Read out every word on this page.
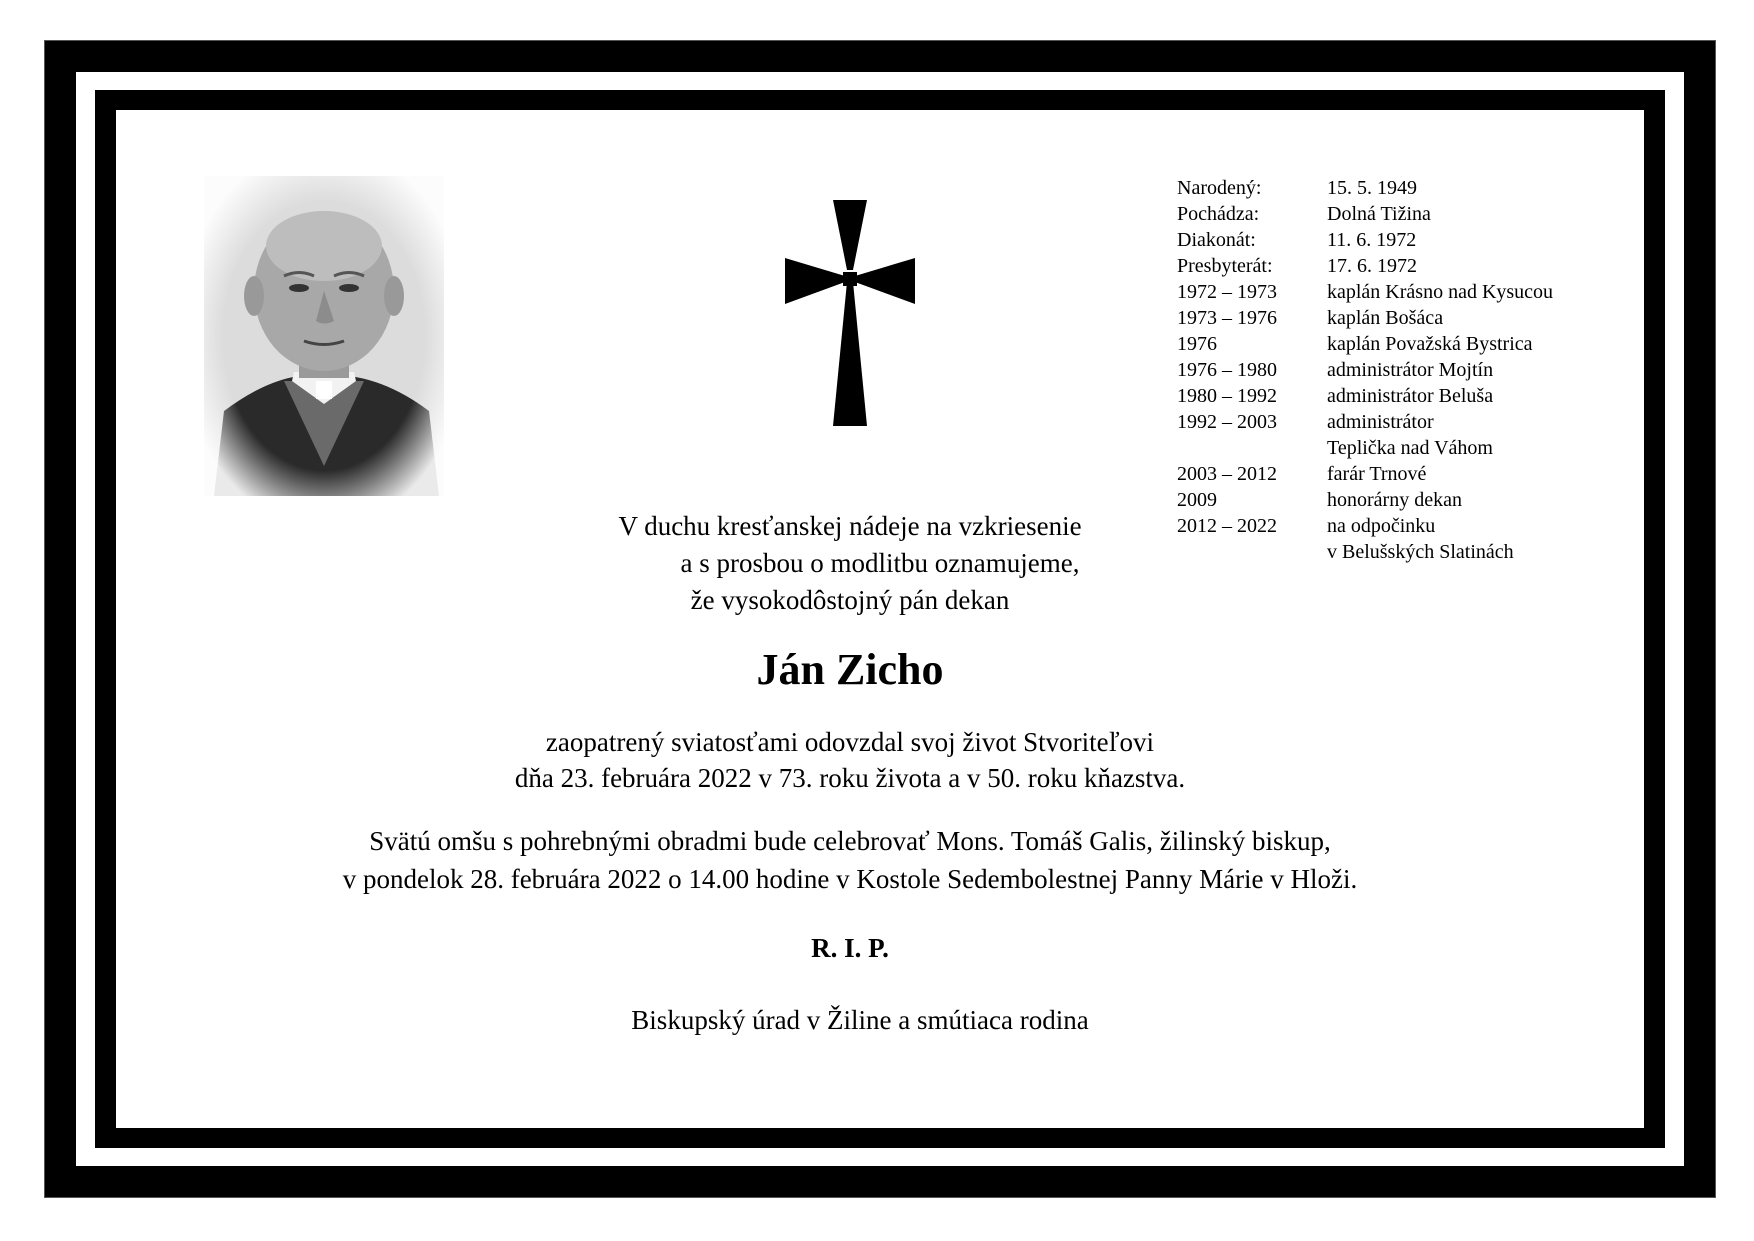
Narodený:	15. 5. 1949
Pochádza:	Dolná Tižina
Diakonát:	11. 6. 1972
Presbyterát:	17. 6. 1972
1972 – 1973	kaplán Krásno nad Kysucou
1973 – 1976	kaplán Bošáca
1976	kaplán Považská Bystrica
1976 – 1980	administrátor Mojtín
1980 – 1992	administrátor Beluša
1992 – 2003	administrátor
Teplička nad Váhom
2003 – 2012	farár Trnové
2009	honorárny dekan
2012 – 2022	na odpočinku
v Belušských Slatinách
V duchu kresťanskej nádeje na vzkriesenie
a s prosbou o modlitbu oznamujeme,
že vysokodôstojný pán dekan
Ján Zicho
zaopatrený sviatosťami odovzdal svoj život Stvoriteľovi
dňa 23. februára 2022 v 73. roku života a v 50. roku kňazstva.
Svätú omšu s pohrebnými obradmi bude celebrovať Mons. Tomáš Galis, žilinský biskup,
v pondelok 28. februára 2022 o 14.00 hodine v Kostole Sedembolestnej Panny Márie v Hloži.
R. I. P.
Biskupský úrad v Žiline a smútiaca rodina
